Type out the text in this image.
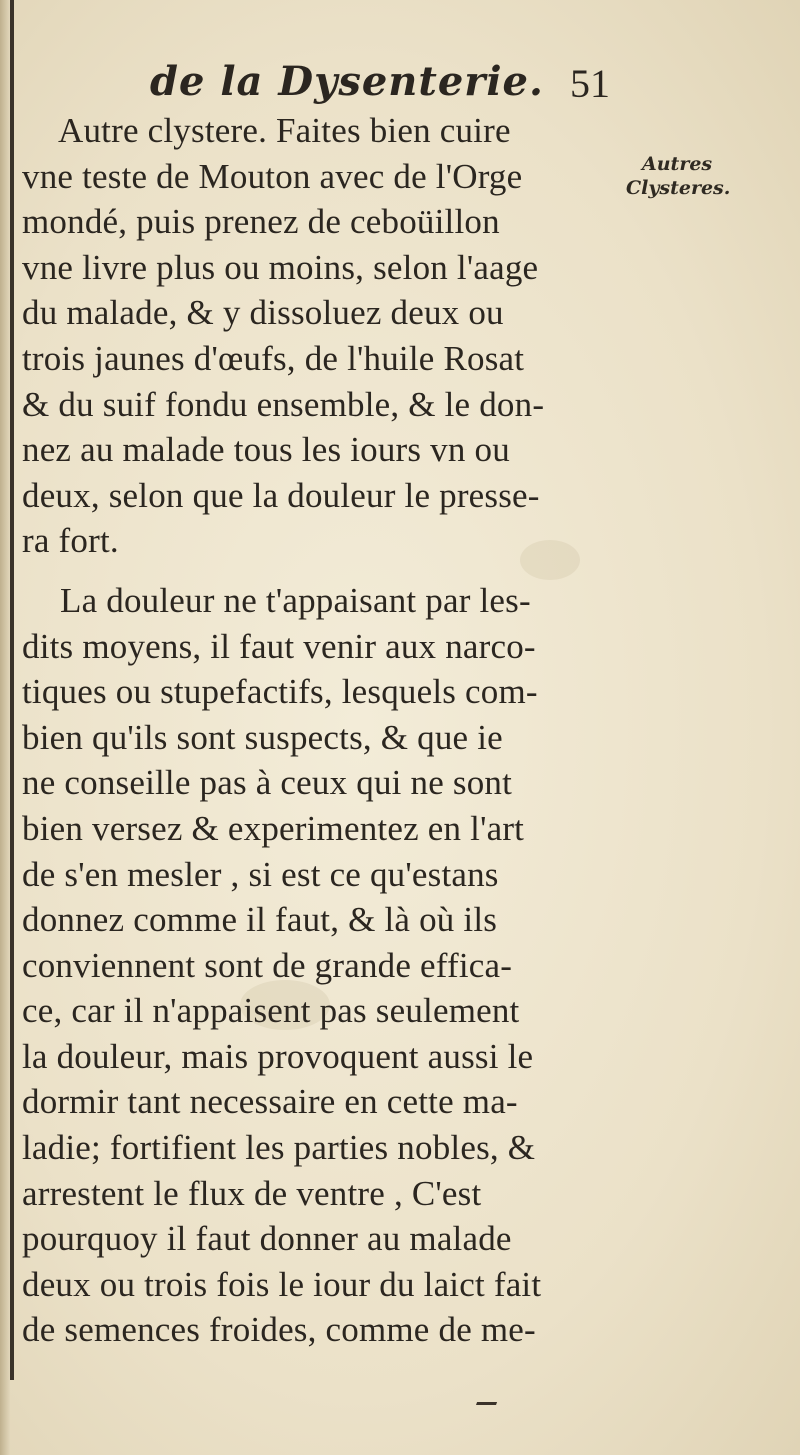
de la Dysenterie. 51
Autres
Clysteres.
Autre clystere. Faites bien cuire
vne teste de Mouton avec de l'Orge
mondé, puis prenez de ceboüillon
vne livre plus ou moins, selon l'aage
du malade, & y dissoluez deux ou
trois jaunes d'œufs, de l'huile Rosat
& du suif fondu ensemble, & le don-
nez au malade tous les iours vn ou
deux, selon que la douleur le presse-
ra fort.
La douleur ne t'appaisant par les-
dits moyens, il faut venir aux narco-
tiques ou stupefactifs, lesquels com-
bien qu'ils sont suspects, & que ie
ne conseille pas à ceux qui ne sont
bien versez & experimentez en l'art
de s'en mesler , si est ce qu'estans
donnez comme il faut, & là où ils
conviennent sont de grande effica-
ce, car il n'appaisent pas seulement
la douleur, mais provoquent aussi le
dormir tant necessaire en cette ma-
ladie; fortifient les parties nobles, &
arrestent le flux de ventre , C'est
pourquoy il faut donner au malade
deux ou trois fois le iour du laict fait
de semences froides, comme de me-
